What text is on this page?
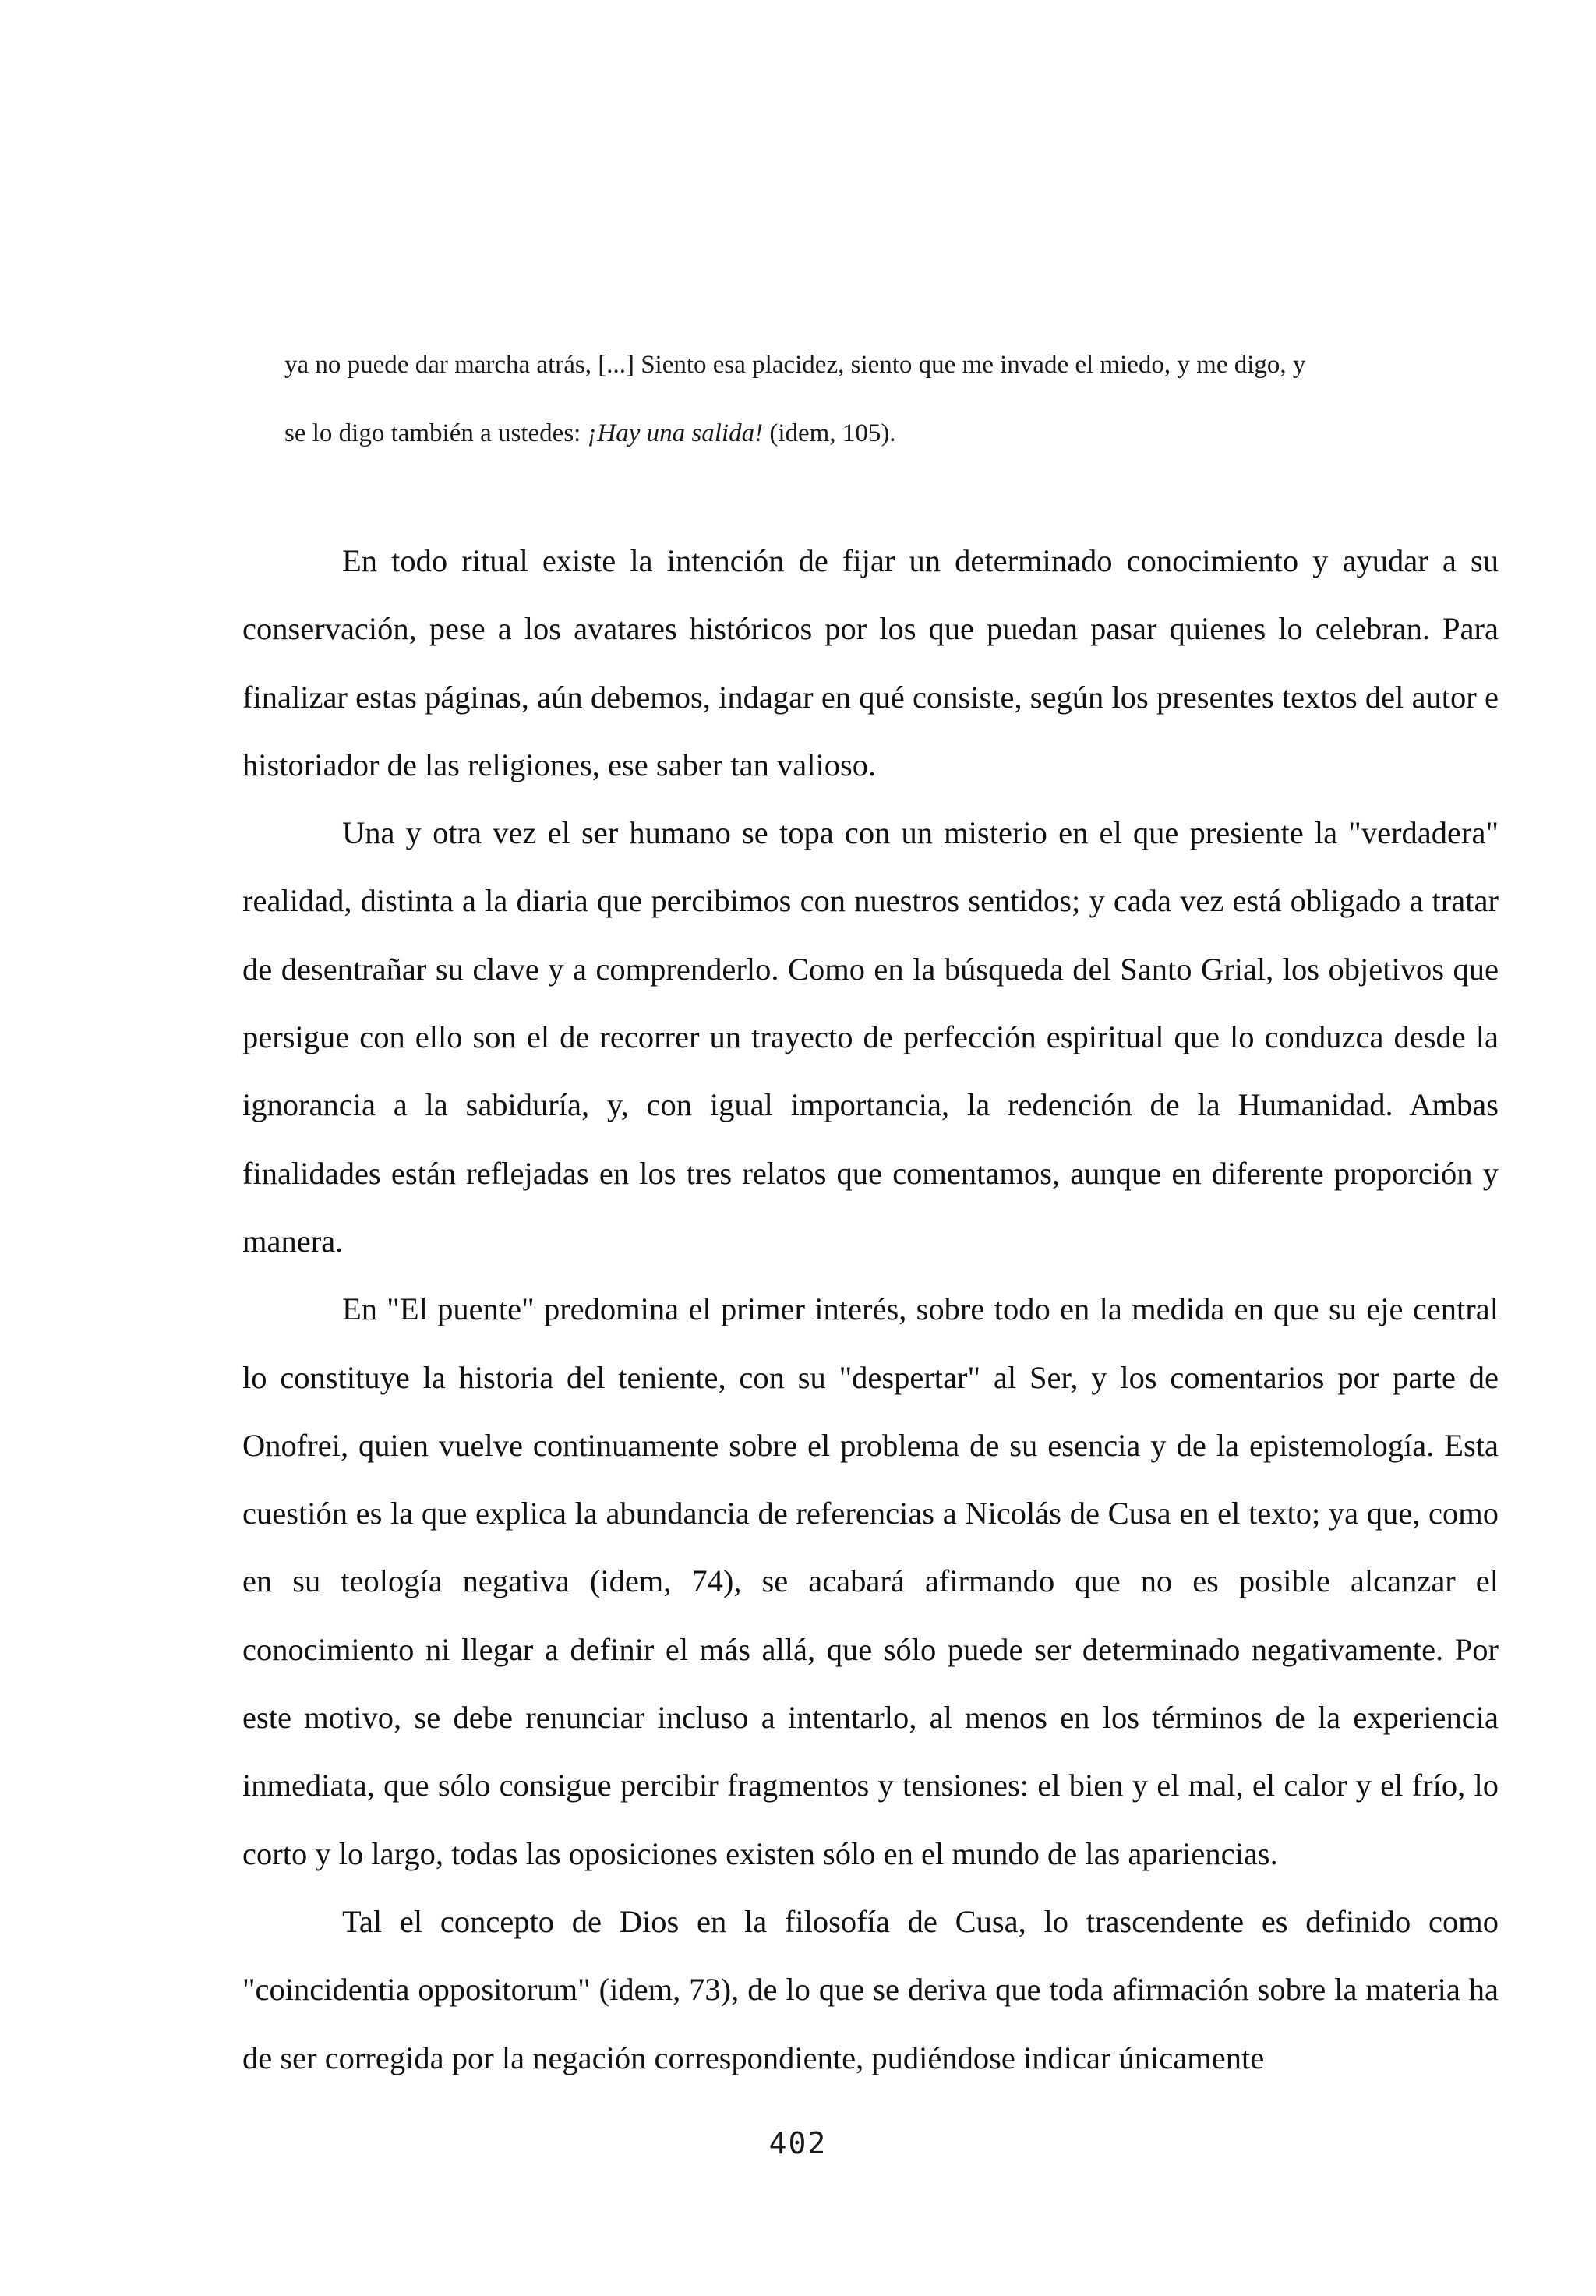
ya no puede dar marcha atrás, [...] Siento esa placidez, siento que me invade el miedo, y me digo, y
se lo digo también a ustedes: ¡Hay una salida! (idem, 105).

En todo ritual existe la intención de fijar un determinado conocimiento y ayudar a su conservación, pese a los avatares históricos por los que puedan pasar quienes lo celebran. Para finalizar estas páginas, aún debemos, indagar en qué consiste, según los presentes textos del autor e historiador de las religiones, ese saber tan valioso.

Una y otra vez el ser humano se topa con un misterio en el que presiente la "verdadera" realidad, distinta a la diaria que percibimos con nuestros sentidos; y cada vez está obligado a tratar de desentrañar su clave y a comprenderlo. Como en la búsqueda del Santo Grial, los objetivos que persigue con ello son el de recorrer un trayecto de perfección espiritual que lo conduzca desde la ignorancia a la sabiduría, y, con igual importancia, la redención de la Humanidad. Ambas finalidades están reflejadas en los tres relatos que comentamos, aunque en diferente proporción y manera.

En "El puente" predomina el primer interés, sobre todo en la medida en que su eje central lo constituye la historia del teniente, con su "despertar" al Ser, y los comentarios por parte de Onofrei, quien vuelve continuamente sobre el problema de su esencia y de la epistemología. Esta cuestión es la que explica la abundancia de referencias a Nicolás de Cusa en el texto; ya que, como en su teología negativa (idem, 74), se acabará afirmando que no es posible alcanzar el conocimiento ni llegar a definir el más allá, que sólo puede ser determinado negativamente. Por este motivo, se debe renunciar incluso a intentarlo, al menos en los términos de la experiencia inmediata, que sólo consigue percibir fragmentos y tensiones: el bien y el mal, el calor y el frío, lo corto y lo largo, todas las oposiciones existen sólo en el mundo de las apariencias.

Tal el concepto de Dios en la filosofía de Cusa, lo trascendente es definido como "coincidentia oppositorum" (idem, 73), de lo que se deriva que toda afirmación sobre la materia ha de ser corregida por la negación correspondiente, pudiéndose indicar únicamente

402
